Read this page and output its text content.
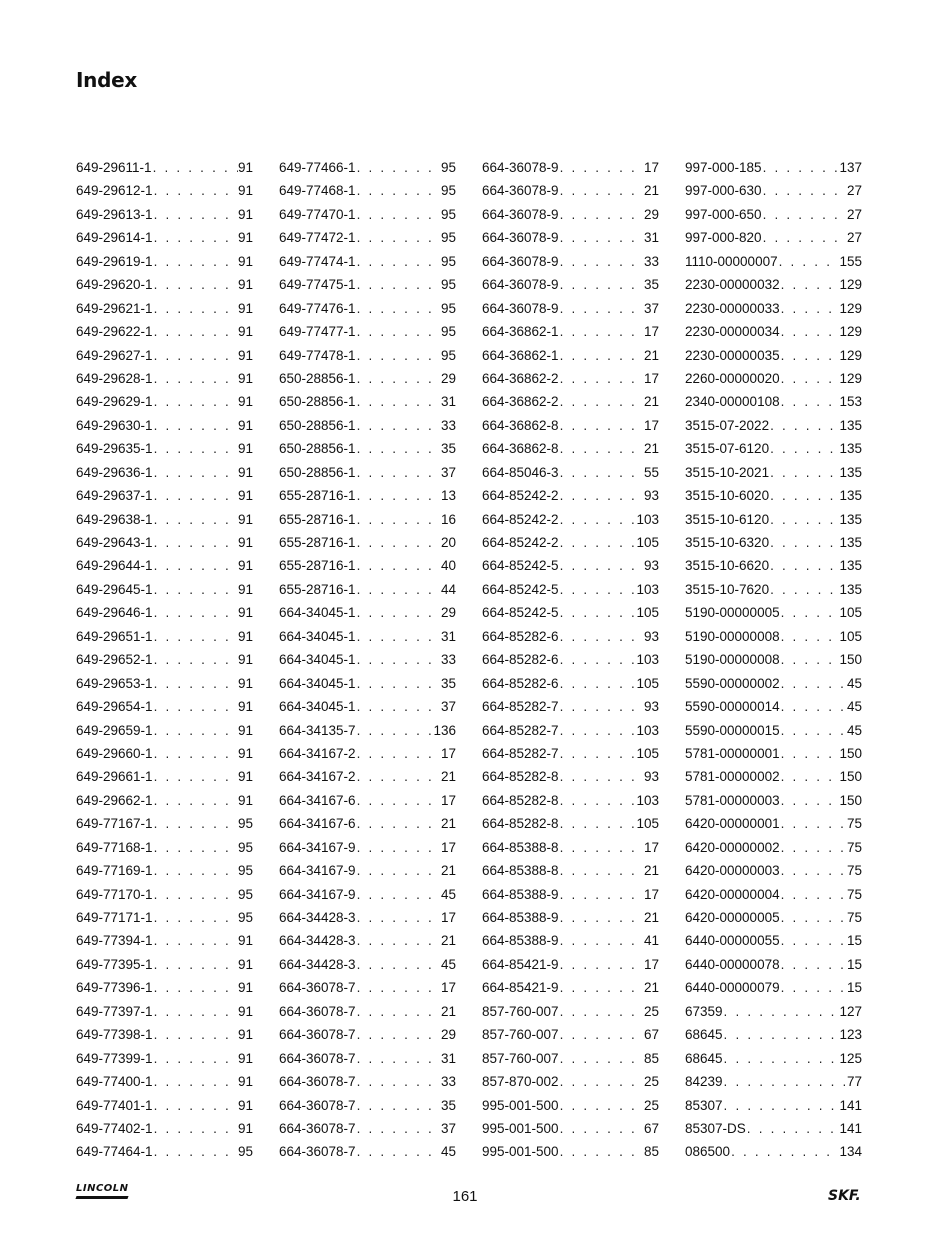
Index
649-29611-1 . . .	91
649-29612-1 . . .	91
649-29613-1 . . .	91
649-29614-1 . . .	91
649-29619-1 . . .	91
649-29620-1 . . .	91
649-29621-1 . . .	91
649-29622-1 . . .	91
649-29627-1 . . .	91
649-29628-1 . . .	91
649-29629-1 . . .	91
649-29630-1 . . .	91
649-29635-1 . . .	91
649-29636-1 . . .	91
649-29637-1 . . .	91
649-29638-1 . . .	91
649-29643-1 . . .	91
649-29644-1 . . .	91
649-29645-1 . . .	91
649-29646-1 . . .	91
649-29651-1 . . .	91
649-29652-1 . . .	91
649-29653-1 . . .	91
649-29654-1 . . .	91
649-29659-1 . . .	91
649-29660-1 . . .	91
649-29661-1 . . .	91
649-29662-1 . . .	91
649-77167-1 . . .	95
649-77168-1 . . .	95
649-77169-1 . . .	95
649-77170-1 . . .	95
649-77171-1 . . .	95
649-77394-1 . . .	91
649-77395-1 . . .	91
649-77396-1 . . .	91
649-77397-1 . . .	91
649-77398-1 . . .	91
649-77399-1 . . .	91
649-77400-1 . . .	91
649-77401-1 . . .	91
649-77402-1 . . .	91
649-77464-1 . . .	95
649-77466-1 . . .	95
649-77468-1 . . .	95
649-77470-1 . . .	95
649-77472-1 . . .	95
649-77474-1 . . .	95
649-77475-1 . . .	95
649-77476-1 . . .	95
649-77477-1 . . .	95
649-77478-1 . . .	95
650-28856-1 . . .	29
650-28856-1 . . .	31
650-28856-1 . . .	33
650-28856-1 . . .	35
650-28856-1 . . .	37
655-28716-1 . . .	13
655-28716-1 . . .	16
655-28716-1 . . .	20
655-28716-1 . . .	40
655-28716-1 . . .	44
664-34045-1 . . .	29
664-34045-1 . . .	31
664-34045-1 . . .	33
664-34045-1 . . .	35
664-34045-1 . . .	37
664-34135-7 . . .	136
664-34167-2 . . .	17
664-34167-2 . . .	21
664-34167-6 . . .	17
664-34167-6 . . .	21
664-34167-9 . . .	17
664-34167-9 . . .	21
664-34167-9 . . .	45
664-34428-3 . . .	17
664-34428-3 . . .	21
664-34428-3 . . .	45
664-36078-7 . . .	17
664-36078-7 . . .	21
664-36078-7 . . .	29
664-36078-7 . . .	31
664-36078-7 . . .	33
664-36078-7 . . .	35
664-36078-7 . . .	37
664-36078-7 . . .	45
664-36078-9 . . .	17
664-36078-9 . . .	21
664-36078-9 . . .	29
664-36078-9 . . .	31
664-36078-9 . . .	33
664-36078-9 . . .	35
664-36078-9 . . .	37
664-36862-1 . . .	17
664-36862-1 . . .	21
664-36862-2 . . .	17
664-36862-2 . . .	21
664-36862-8 . . .	17
664-36862-8 . . .	21
664-85046-3 . . .	55
664-85242-2 . . .	93
664-85242-2 . . .	103
664-85242-2 . . .	105
664-85242-5 . . .	93
664-85242-5 . . .	103
664-85242-5 . . .	105
664-85282-6 . . .	93
664-85282-6 . . .	103
664-85282-6 . . .	105
664-85282-7 . . .	93
664-85282-7 . . .	103
664-85282-7 . . .	105
664-85282-8 . . .	93
664-85282-8 . . .	103
664-85282-8 . . .	105
664-85388-8 . . .	17
664-85388-8 . . .	21
664-85388-9 . . .	17
664-85388-9 . . .	21
664-85388-9 . . .	41
664-85421-9 . . .	17
664-85421-9 . . .	21
857-760-007 . . .	25
857-760-007 . . .	67
857-760-007 . . .	85
857-870-002 . . .	25
995-001-500 . . .	25
995-001-500 . . .	67
995-001-500 . . .	85
997-000-185 . . .	137
997-000-630 . . .	27
997-000-650 . . .	27
997-000-820 . . .	27
1110-00000007 . . .	155
2230-00000032 . . .	129
2230-00000033 . . .	129
2230-00000034 . . .	129
2230-00000035 . . .	129
2260-00000020 . . .	129
2340-00000108 . . .	153
3515-07-2022 . . .	135
3515-07-6120 . . .	135
3515-10-2021 . . .	135
3515-10-6020 . . .	135
3515-10-6120 . . .	135
3515-10-6320 . . .	135
3515-10-6620 . . .	135
3515-10-7620 . . .	135
5190-00000005 . . .	105
5190-00000008 . . .	105
5190-00000008 . . .	150
5590-00000002 . . .	45
5590-00000014 . . .	45
5590-00000015 . . .	45
5781-00000001 . . .	150
5781-00000002 . . .	150
5781-00000003 . . .	150
6420-00000001 . . .	75
6420-00000002 . . .	75
6420-00000003 . . .	75
6420-00000004 . . .	75
6420-00000005 . . .	75
6440-00000055 . . .	15
6440-00000078 . . .	15
6440-00000079 . . .	15
67359 . . .	127
68645 . . .	123
68645 . . .	125
84239 . . .	77
85307 . . .	141
85307-DS . . .	141
086500 . . .	134
LINCOLN	161	SKF.
